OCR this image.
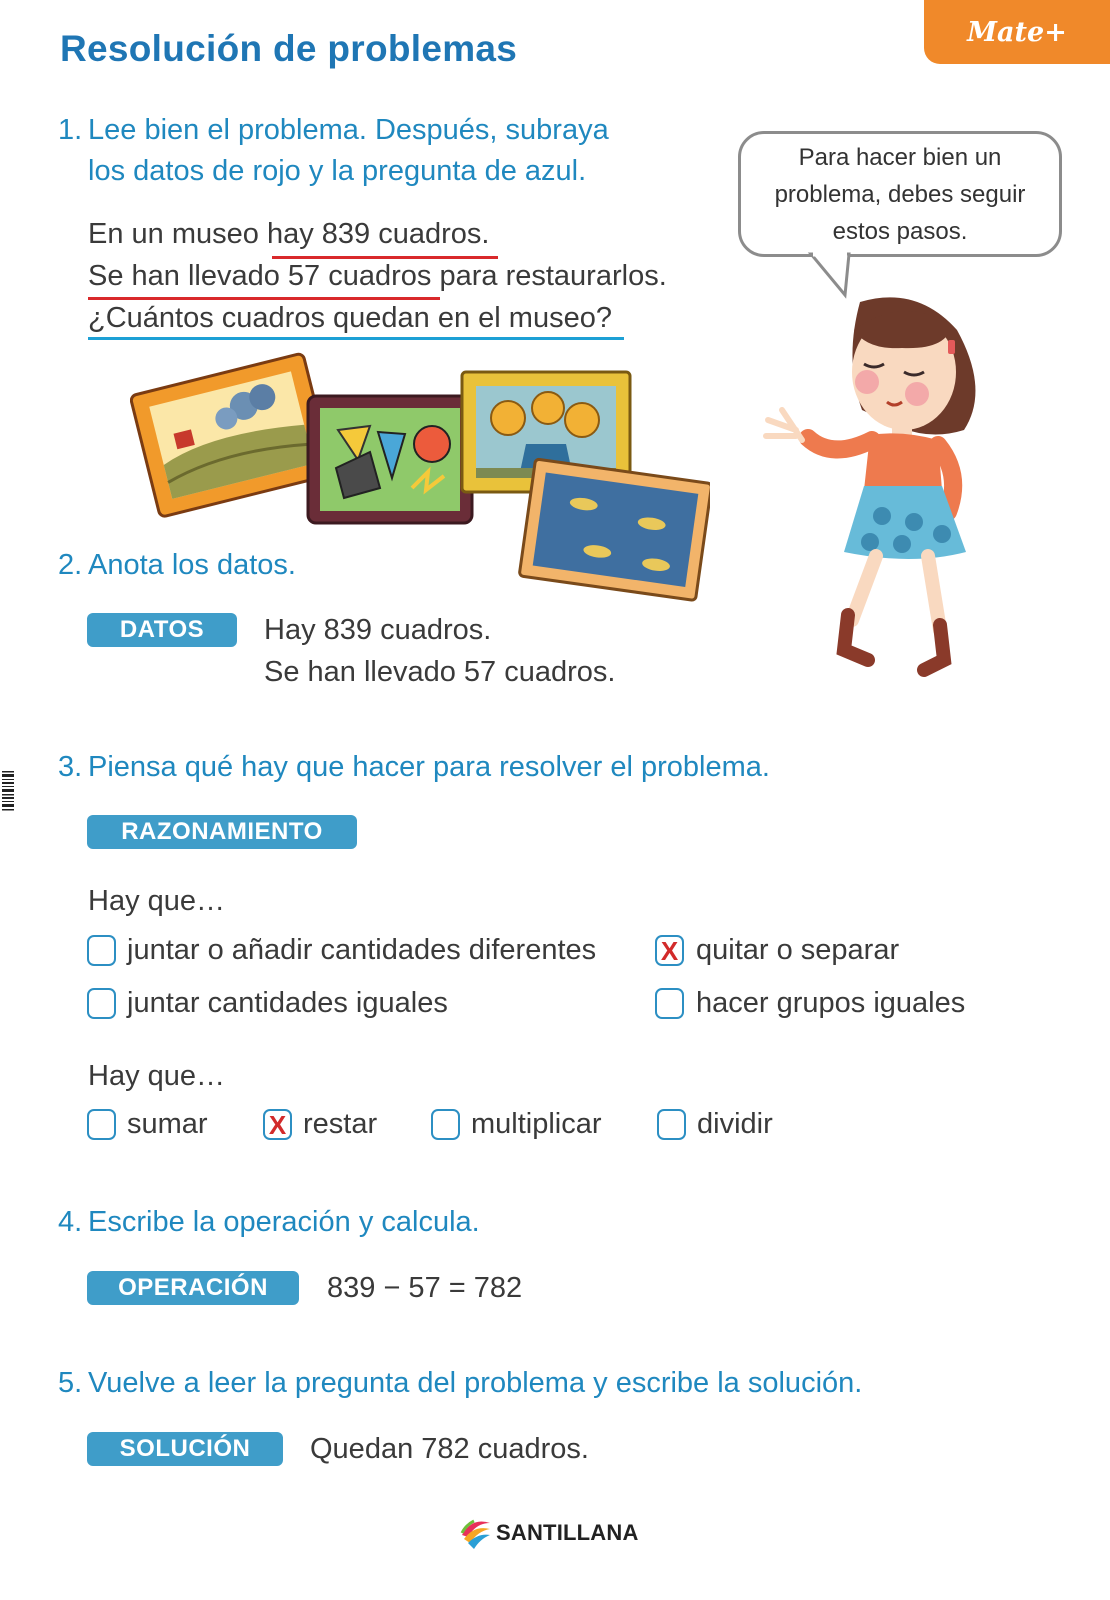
Mate+
Resolución de problemas
1. Lee bien el problema. Después, subraya
los datos de rojo y la pregunta de azul.
En un museo hay 839 cuadros.
Se han llevado 57 cuadros para restaurarlos.
¿Cuántos cuadros quedan en el museo?
Para hacer bien un problema, debes seguir estos pasos.
2. Anota los datos.
DATOS	Hay 839 cuadros.
Se han llevado 57 cuadros.
3. Piensa qué hay que hacer para resolver el problema.
RAZONAMIENTO
Hay que…
juntar o añadir cantidades diferentes X quitar o separar
juntar cantidades iguales	hacer grupos iguales
Hay que…
sumar X restar	multiplicar	dividir
4. Escribe la operación y calcula.
OPERACIÓN	839 − 57 = 782
5. Vuelve a leer la pregunta del problema y escribe la solución.
SOLUCIÓN	Quedan 782 cuadros.
SANTILLANA
